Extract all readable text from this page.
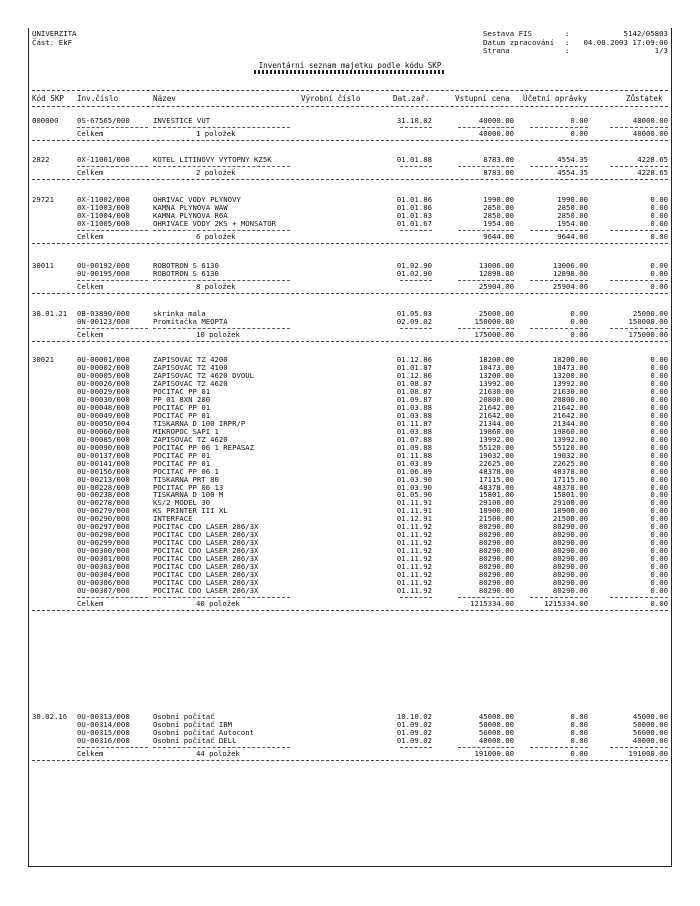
UNIVERZITA
Část: EkF
Sestava FIS	:	5142/05803
Datum zpracování	:	04.08.2003 17:09:00
Strana	:	1/3
Inventární seznam majetku podle kódu SKP
Kód SKP Inv.číslo	Název	Výrobní číslo	Dat.zař.	Vstupní cena Účetní oprávky	Zůstatek
000000	0S-67565/000	INVESTICE VUT	31.10.02	40000.00	0.00	40000.00
Celkem	1 položek	40000.00	0.00	40000.00
2822	0X-11001/000	KOTEL LITINOVY VYTOPNY KZ5K	01.01.88	8783.00	4554.35	4228.65
Celkem	2 položek	8783.00	4554.35	4228.65
29721	0X-11002/000	OHRIVAC VODY PLYNOVY	01.01.86	1990.00	1990.00	0.00
0X-11003/000	KAMNA PLYNOVA WAW	01.01.86	2850.00	2850.00	0.00
0X-11004/000	KAMNA PLYNOVA R6A	01.01.83	2850.00	2850.00	0.00
0X-11005/000	OHRIVACE VODY 2KS + MONSATOR	01.01.67	1954.00	1954.00	0.00
Celkem	6 položek	9644.00	9644.00	0.00
30011	0U-00192/000	ROBOTRON S 6130	01.02.90	13006.00	13006.00	0.00
0U-00195/000	ROBOTRON S 6130	01.02.90	12898.00	12898.00	0.00
Celkem	8 položek	25904.00	25904.00	0.00
30.01.21 0B-03890/000	skrinka mala	01.05.03	25000.00	0.00	25000.00
0N-00123/000	Promítačka MEOPTA	02.09.02	150000.00	0.00	150000.00
Celkem	10 položek	175000.00	0.00	175000.00
30021	0U-00001/000	ZAPISOVAC TZ 4200	01.12.86	18200.00	18200.00	0.00
0U-00002/000	ZAPISOVAC TZ 4100	01.01.87	10473.00	10473.00	0.00
0U-00005/000	ZAPISOVAC TZ 4620 DVOUL	01.12.86	13200.00	13200.00	0.00
0U-00026/000	ZAPISOVAC TZ 4620	01.08.87	13992.00	13992.00	0.00
0U-00029/000	POCITAC PP 01	01.08.87	21630.00	21630.00	0.00
0U-00030/000	PP 01 8XN 280	01.09.87	20800.00	20800.00	0.00
0U-00048/000	POCITAC PP 01	01.03.88	21642.00	21642.00	0.00
0U-00049/000	POCITAC PP 01	01.03.88	21642.00	21642.00	0.00
0U-00050/004	TISKARNA D 100 IRPR/P	01.11.87	21344.00	21344.00	0.00
0U-00060/000	MIKROPOC SAPI 1	01.03.88	19860.00	19860.00	0.00
0U-00085/000	ZAPISOVAC TZ 4620	01.07.88	13992.00	13992.00	0.00
0U-00090/000	POCITAC PP 06 1 REPASAZ	01.09.88	55120.00	55120.00	0.00
0U-00137/000	POCITAC PP 01	01.11.88	19032.00	19032.00	0.00
0U-00141/000	POCITAC PP 01	01.03.89	22625.00	22625.00	0.00
0U-00156/000	POCITAC PP 06 1	01.06.89	48378.00	48378.00	0.00
0U-00213/000	TISKARNA PRT 80	01.03.90	17115.00	17115.00	0.00
0U-00228/000	POCITAC PP 06 13	01.03.90	48378.00	48378.00	0.00
0U-00238/000	TISKARNA D 100 M	01.05.90	15801.00	15801.00	0.00
0U-00278/000	KS/2 MODEL 30	01.11.91	29100.00	29100.00	0.00
0U-00279/000	KS PRINTER III XL	01.11.91	18900.00	18900.00	0.00
0U-00290/000	INTERFACE	01.12.91	21500.00	21500.00	0.00
0U-00297/000	POCITAC CDO LASER 286/3X	01.11.92	80290.00	80290.00	0.00
0U-00298/000	POCITAC CDO LASER 286/3X	01.11.92	80290.00	80290.00	0.00
0U-00299/000	POCITAC CDO LASER 286/3X	01.11.92	80290.00	80290.00	0.00
0U-00300/000	POCITAC CDO LASER 286/3X	01.11.92	80290.00	80290.00	0.00
0U-00301/000	POCITAC CDO LASER 286/3X	01.11.92	80290.00	80290.00	0.00
0U-00303/000	POCITAC CDO LASER 286/3X	01.11.92	80290.00	80290.00	0.00
0U-00304/000	POCITAC CDO LASER 286/3X	01.11.92	80290.00	80290.00	0.00
0U-00306/000	POCITAC CDO LASER 286/3X	01.11.92	80290.00	80290.00	0.00
0U-00307/000	POCITAC CDO LASER 286/3X	01.11.92	80290.00	80290.00	0.00
Celkem	40 položek	1215334.00	1215334.00	0.00
30.02.16 0U-00313/000	Osobní počítač	10.10.02	45000.00	0.00	45000.00
0U-00314/000	Osobní počítač IBM	01.09.02	50000.00	0.00	50000.00
0U-00315/000	Osobní počítač Autocont	01.09.02	56000.00	0.00	56000.00
0U-00316/000	Osobní počítač DELL	01.09.02	40000.00	0.00	40000.00
Celkem	44 položek	191000.00	0.00	191000.00
